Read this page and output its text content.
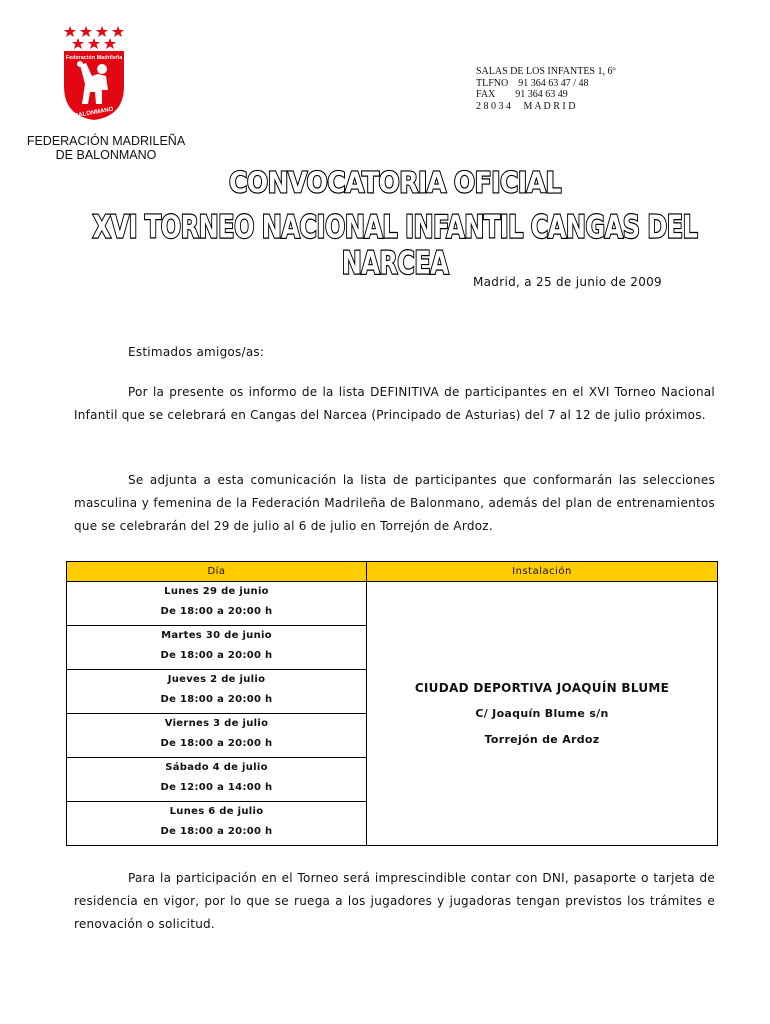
Federación Madrileña
BALONMANO
FEDERACIÓN MADRILEÑA
DE BALONMANO
SALAS DE LOS INFANTES 1, 6º
TLFNO    91 364 63 47 / 48
FAX        91 364 63 49
2 8 0 3 4     M A D R I D
CONVOCATORIA OFICIAL
XVI TORNEO NACIONAL INFANTIL CANGAS DEL NARCEA	Madrid, a 25 de junio de 2009
Estimados amigos/as:
Por la presente os informo de la lista DEFINITIVA de participantes en el XVI Torneo Nacional Infantil que se celebrará en Cangas del Narcea (Principado de Asturias) del 7 al 12 de julio próximos.
Se adjunta a esta comunicación la lista de participantes que conformarán las selecciones masculina y femenina de la Federación Madrileña de Balonmano, además del plan de entrenamientos que se celebrarán del 29 de julio al 6 de julio en Torrejón de Ardoz.
Día	Instalación

Lunes 29 de junio
De 18:00 a 20:00 h	CIUDAD DEPORTIVA JOAQUÍN BLUME
C/ Joaquín Blume s/n
Torrejón de Ardoz

Martes 30 de junio
De 18:00 a 20:00 h	

Jueves 2 de julio
De 18:00 a 20:00 h	

Viernes 3 de julio
De 18:00 a 20:00 h	

Sábado 4 de julio
De 12:00 a 14:00 h	

Lunes 6 de julio
De 18:00 a 20:00 h	
Para la participación en el Torneo será imprescindible contar con DNI, pasaporte o tarjeta de residencia en vigor, por lo que se ruega a los jugadores y jugadoras tengan previstos los trámites e renovación o solicitud.
